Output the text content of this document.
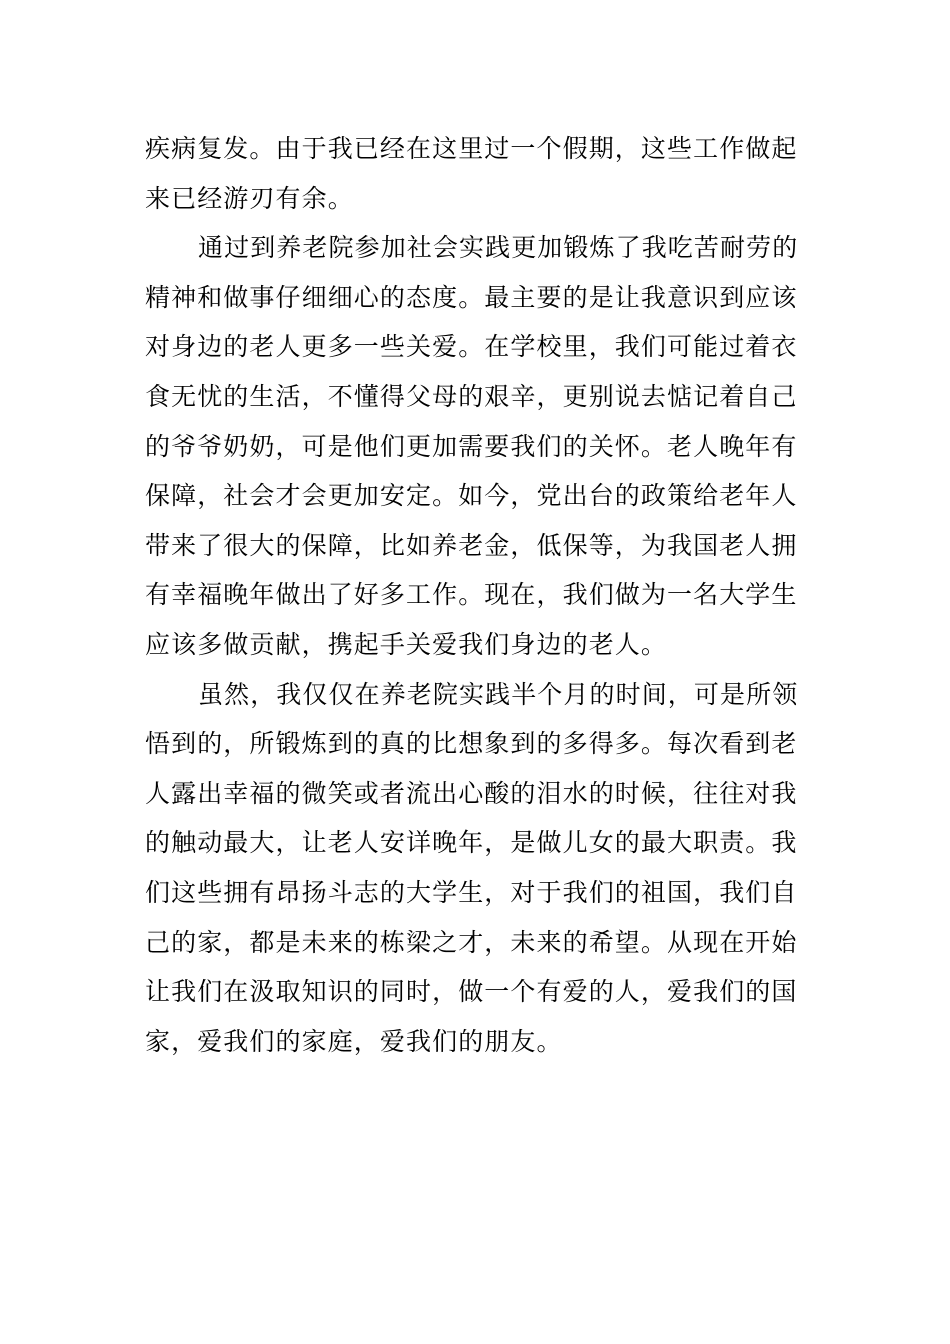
疾病复发。由于我已经在这里过一个假期，这些工作做起
来已经游刃有余。
通过到养老院参加社会实践更加锻炼了我吃苦耐劳的
精神和做事仔细细心的态度。最主要的是让我意识到应该
对身边的老人更多一些关爱。在学校里，我们可能过着衣
食无忧的生活，不懂得父母的艰辛，更别说去惦记着自己
的爷爷奶奶，可是他们更加需要我们的关怀。老人晚年有
保障，社会才会更加安定。如今，党出台的政策给老年人
带来了很大的保障，比如养老金，低保等，为我国老人拥
有幸福晚年做出了好多工作。现在，我们做为一名大学生
应该多做贡献，携起手关爱我们身边的老人。
虽然，我仅仅在养老院实践半个月的时间，可是所领
悟到的，所锻炼到的真的比想象到的多得多。每次看到老
人露出幸福的微笑或者流出心酸的泪水的时候，往往对我
的触动最大，让老人安详晚年，是做儿女的最大职责。我
们这些拥有昂扬斗志的大学生，对于我们的祖国，我们自
己的家，都是未来的栋梁之才，未来的希望。从现在开始
让我们在汲取知识的同时，做一个有爱的人，爱我们的国
家，爱我们的家庭，爱我们的朋友。
